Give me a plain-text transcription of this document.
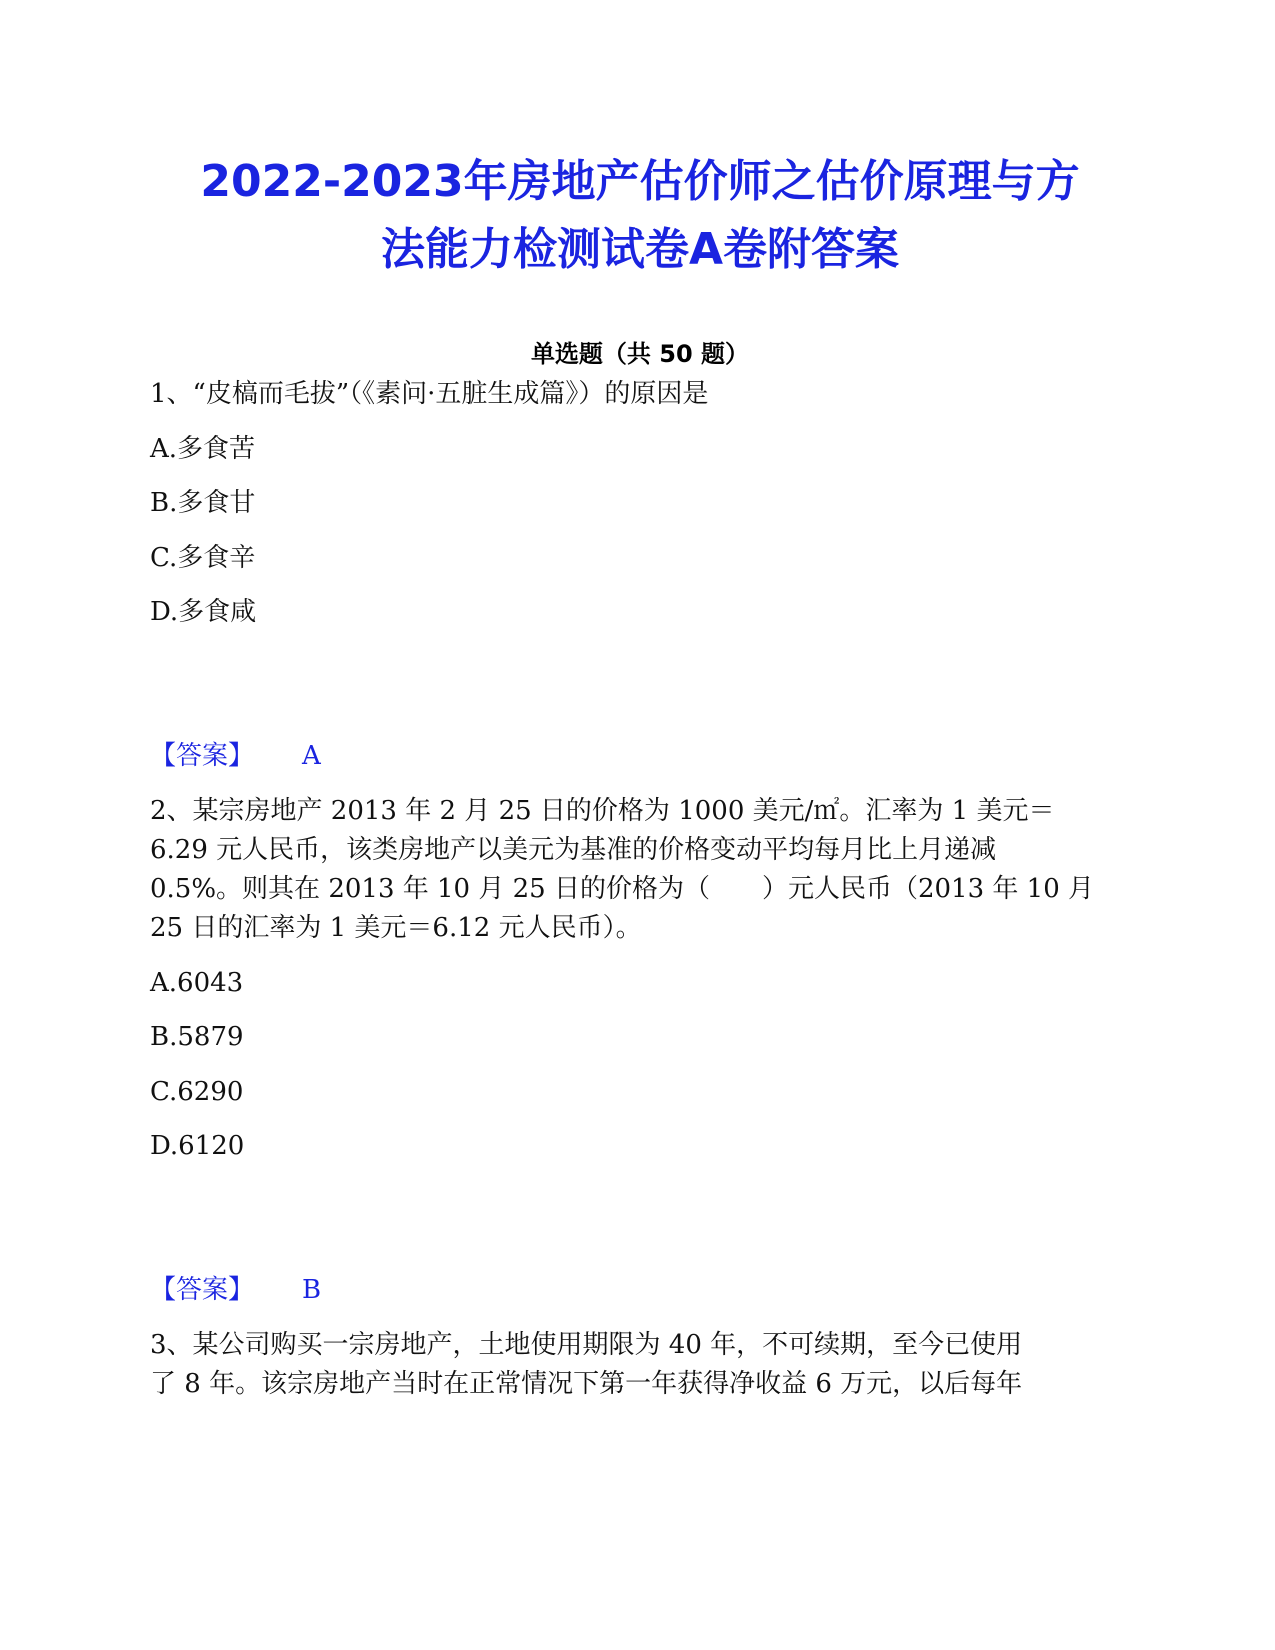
2022-2023年房地产估价师之估价原理与方
法能力检测试卷A卷附答案
单选题（共 50 题）
1、“皮槁而毛拔”（《素问·五脏生成篇》）的原因是
A.多食苦
B.多食甘
C.多食辛
D.多食咸
【答案】 A
2、某宗房地产 2013 年 2 月 25 日的价格为 1000 美元/㎡。汇率为 1 美元＝
6.29 元人民币，该类房地产以美元为基准的价格变动平均每月比上月递减
0.5%。则其在 2013 年 10 月 25 日的价格为（　　）元人民币（2013 年 10 月
25 日的汇率为 1 美元＝6.12 元人民币）。
A.6043
B.5879
C.6290
D.6120
【答案】 B
3、某公司购买一宗房地产，土地使用期限为 40 年，不可续期，至今已使用
了 8 年。该宗房地产当时在正常情况下第一年获得净收益 6 万元，以后每年
